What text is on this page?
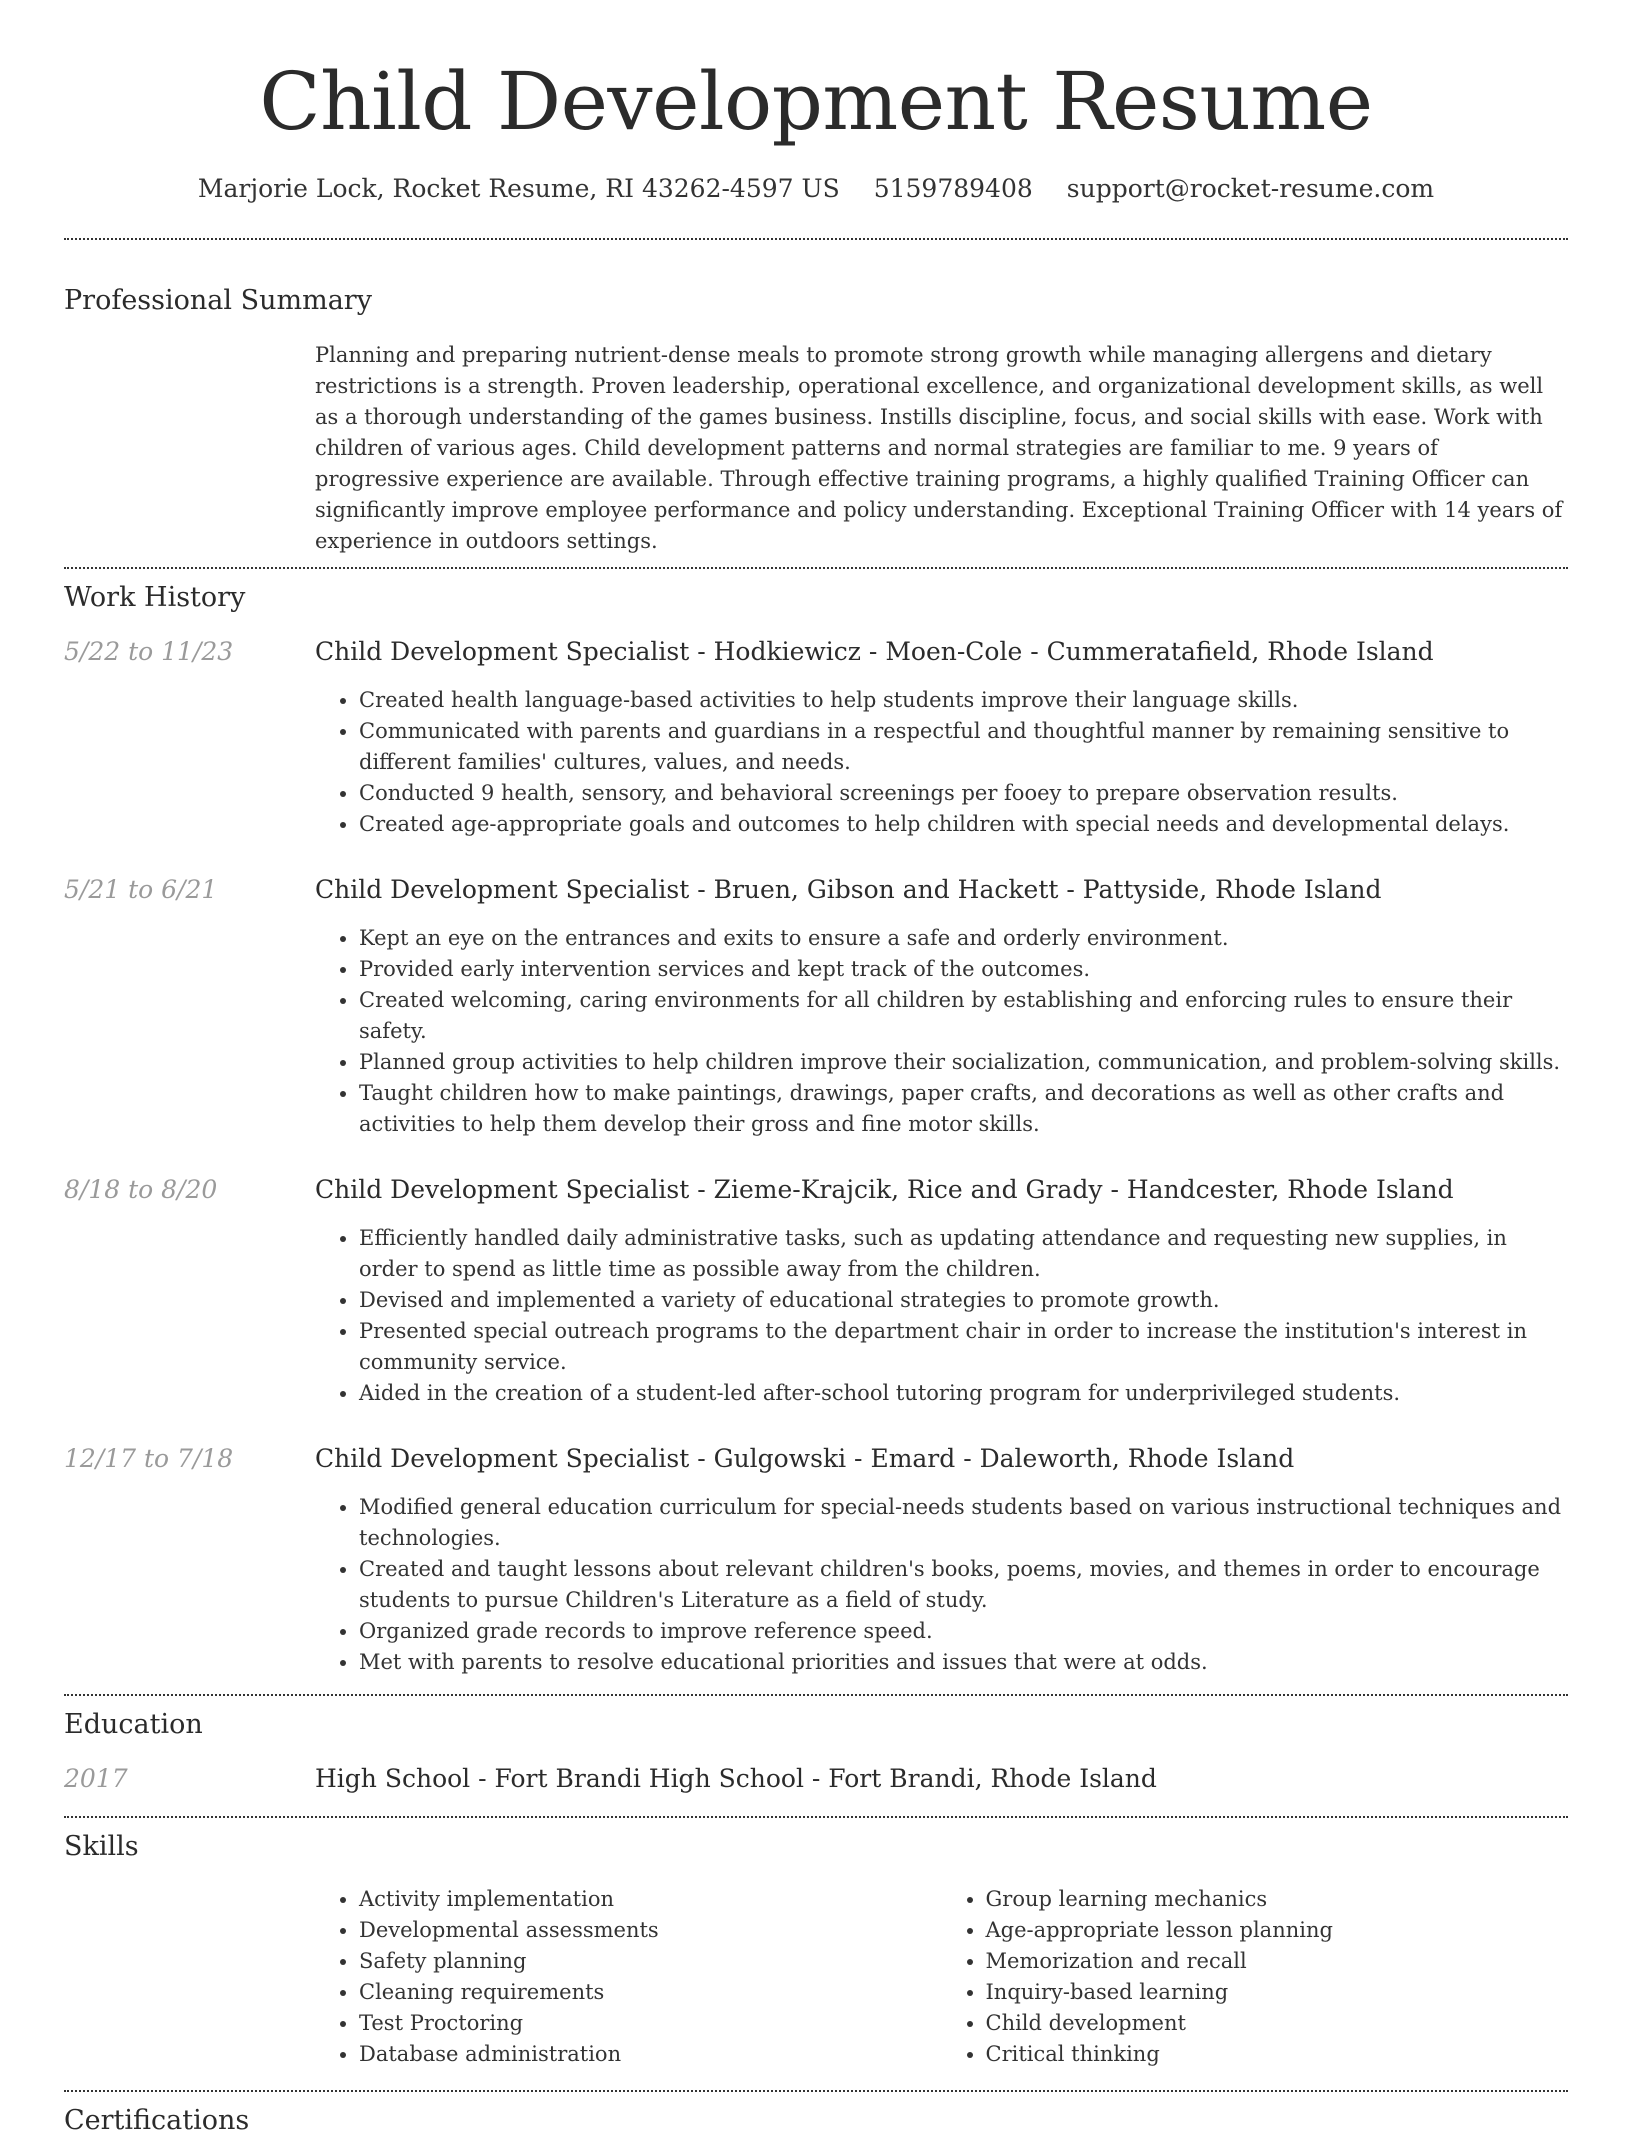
Child Development Resume
Marjorie Lock, Rocket Resume, RI 43262-4597 US 5159789408 support@rocket-resume.com
Professional Summary

Planning and preparing nutrient-dense meals to promote strong growth while managing allergens and dietary restrictions is a strength. Proven leadership, operational excellence, and organizational development skills, as well as a thorough understanding of the games business. Instills discipline, focus, and social skills with ease. Work with children of various ages. Child development patterns and normal strategies are familiar to me. 9 years of progressive experience are available. Through effective training programs, a highly qualified Training Officer can significantly improve employee performance and policy understanding. Exceptional Training Officer with 14 years of experience in outdoors settings.

Work History
5/22 to 11/23	Child Development Specialist - Hodkiewicz - Moen-Cole - Cummeratafield, Rhode Island
• Created health language-based activities to help students improve their language skills.
• Communicated with parents and guardians in a respectful and thoughtful manner by remaining sensitive to different families' cultures, values, and needs.
• Conducted 9 health, sensory, and behavioral screenings per fooey to prepare observation results.
• Created age-appropriate goals and outcomes to help children with special needs and developmental delays.
5/21 to 6/21	Child Development Specialist - Bruen, Gibson and Hackett - Pattyside, Rhode Island
• Kept an eye on the entrances and exits to ensure a safe and orderly environment.
• Provided early intervention services and kept track of the outcomes.
• Created welcoming, caring environments for all children by establishing and enforcing rules to ensure their safety.
• Planned group activities to help children improve their socialization, communication, and problem-solving skills.
• Taught children how to make paintings, drawings, paper crafts, and decorations as well as other crafts and activities to help them develop their gross and fine motor skills.
8/18 to 8/20	Child Development Specialist - Zieme-Krajcik, Rice and Grady - Handcester, Rhode Island
• Efficiently handled daily administrative tasks, such as updating attendance and requesting new supplies, in order to spend as little time as possible away from the children.
• Devised and implemented a variety of educational strategies to promote growth.
• Presented special outreach programs to the department chair in order to increase the institution's interest in community service.
• Aided in the creation of a student-led after-school tutoring program for underprivileged students.
12/17 to 7/18	Child Development Specialist - Gulgowski - Emard - Daleworth, Rhode Island
• Modified general education curriculum for special-needs students based on various instructional techniques and technologies.
• Created and taught lessons about relevant children's books, poems, movies, and themes in order to encourage students to pursue Children's Literature as a field of study.
• Organized grade records to improve reference speed.
• Met with parents to resolve educational priorities and issues that were at odds.
Education
2017	High School - Fort Brandi High School - Fort Brandi, Rhode Island
Skills
• Activity implementation
• Developmental assessments
• Safety planning
• Cleaning requirements
• Test Proctoring
• Database administration
• Group learning mechanics
• Age-appropriate lesson planning
• Memorization and recall
• Inquiry-based learning
• Child development
• Critical thinking
Certifications
